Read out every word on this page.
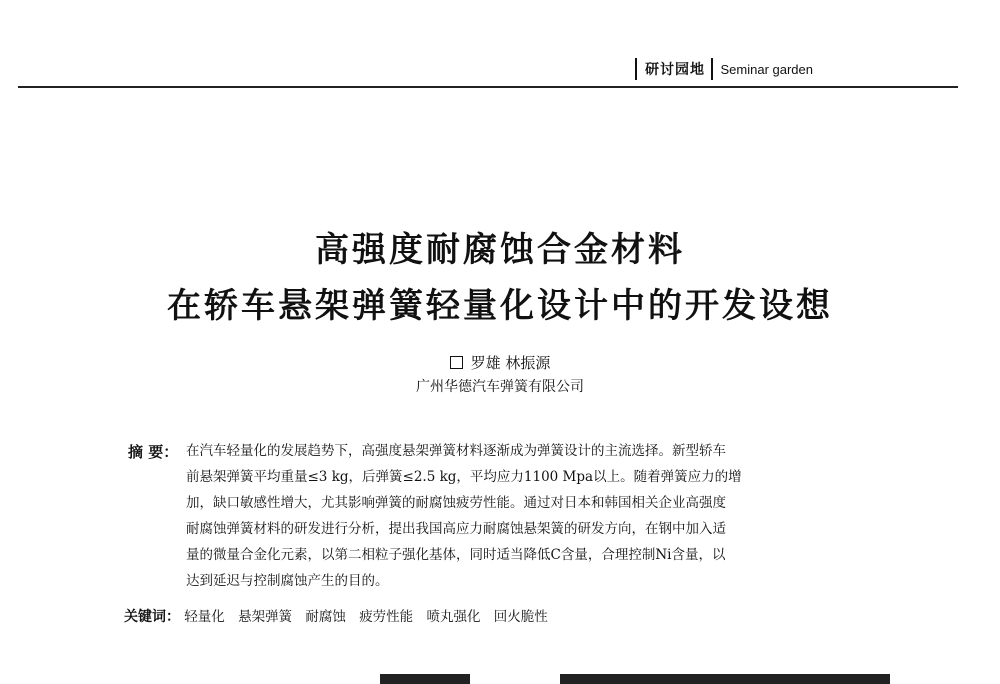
研讨园地	Seminar garden
高强度耐腐蚀合金材料
在轿车悬架弹簧轻量化设计中的开发设想
罗雄 林振源
广州华德汽车弹簧有限公司
摘 要： 在汽车轻量化的发展趋势下，高强度悬架弹簧材料逐渐成为弹簧设计的主流选择。新型轿车
前悬架弹簧平均重量≤3 kg，后弹簧≤2.5 kg，平均应力1100 Mpa以上。随着弹簧应力的增
加，缺口敏感性增大，尤其影响弹簧的耐腐蚀疲劳性能。通过对日本和韩国相关企业高强度
耐腐蚀弹簧材料的研发进行分析，提出我国高应力耐腐蚀悬架簧的研发方向，在钢中加入适
量的微量合金化元素，以第二相粒子强化基体，同时适当降低C含量，合理控制Ni含量，以
达到延迟与控制腐蚀产生的目的。
关键词： 轻量化 悬架弹簧 耐腐蚀 疲劳性能 喷丸强化 回火脆性
